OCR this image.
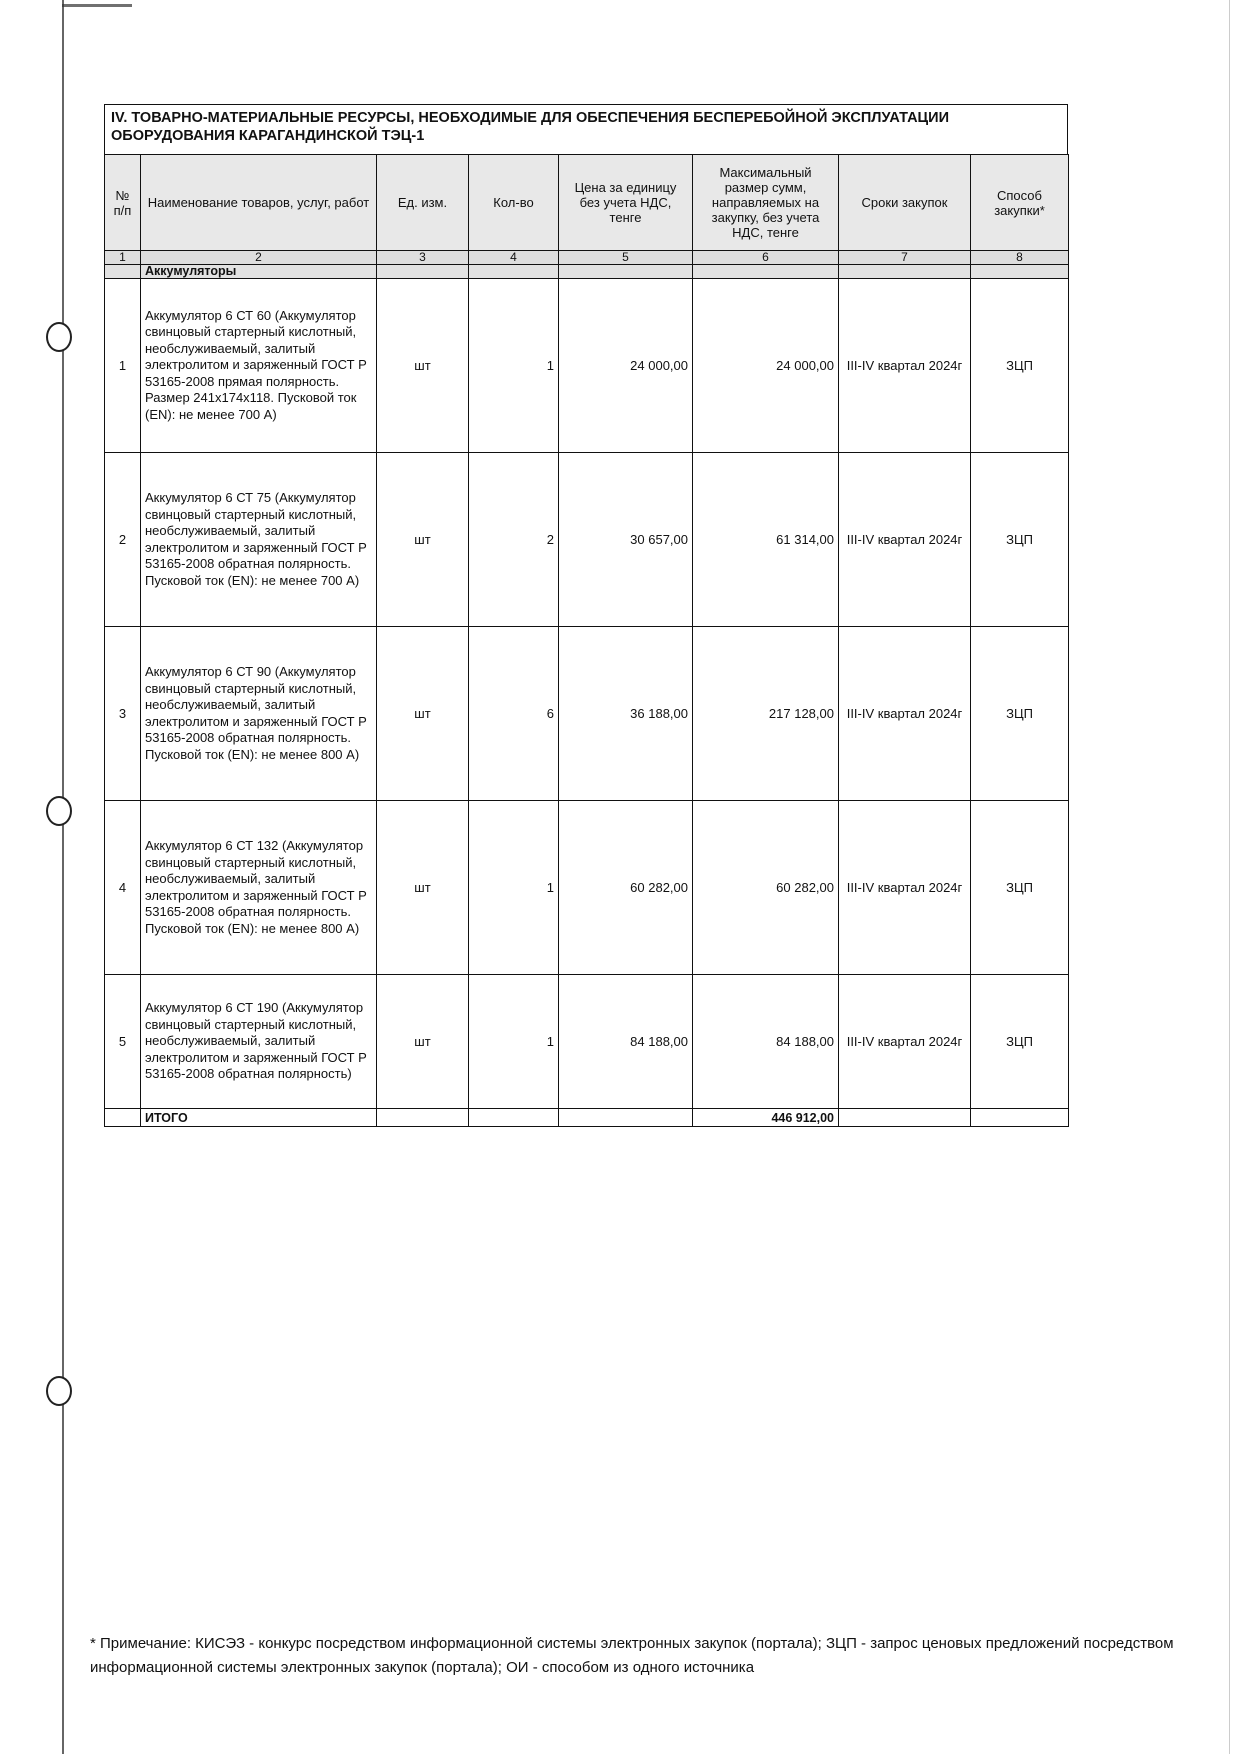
IV. ТОВАРНО-МАТЕРИАЛЬНЫЕ РЕСУРСЫ, НЕОБХОДИМЫЕ ДЛЯ ОБЕСПЕЧЕНИЯ БЕСПЕРЕБОЙНОЙ ЭКСПЛУАТАЦИИ ОБОРУДОВАНИЯ КАРАГАНДИНСКОЙ ТЭЦ-1
№ п/п	Наименование товаров, услуг, работ	Ед. изм.	Кол-во	Цена за единицу без учета НДС, тенге	Максимальный размер сумм, направляемых на закупку, без учета НДС, тенге	Сроки закупок	Способ закупки*
1	2	3	4	5	6	7	8
	Аккумуляторы						
1	Аккумулятор 6 СТ 60 (Аккумулятор свинцовый стартерный кислотный, необслуживаемый, залитый электролитом и заряженный ГОСТ Р 53165-2008 прямая полярность. Размер 241х174х118. Пусковой ток (EN): не менее 700 А)	шт	1	24 000,00	24 000,00	III-IV квартал 2024г	ЗЦП
2	Аккумулятор 6 СТ 75 (Аккумулятор свинцовый стартерный кислотный, необслуживаемый, залитый электролитом и заряженный ГОСТ Р 53165-2008 обратная полярность. Пусковой ток (EN): не менее 700 А)	шт	2	30 657,00	61 314,00	III-IV квартал 2024г	ЗЦП
3	Аккумулятор 6 СТ 90 (Аккумулятор свинцовый стартерный кислотный, необслуживаемый, залитый электролитом и заряженный ГОСТ Р 53165-2008 обратная полярность. Пусковой ток (EN): не менее 800 А)	шт	6	36 188,00	217 128,00	III-IV квартал 2024г	ЗЦП
4	Аккумулятор 6 СТ 132 (Аккумулятор свинцовый стартерный кислотный, необслуживаемый, залитый электролитом и заряженный ГОСТ Р 53165-2008 обратная полярность. Пусковой ток (EN): не менее 800 А)	шт	1	60 282,00	60 282,00	III-IV квартал 2024г	ЗЦП
5	Аккумулятор 6 СТ 190 (Аккумулятор свинцовый стартерный кислотный, необслуживаемый, залитый электролитом и заряженный ГОСТ Р 53165-2008 обратная полярность)	шт	1	84 188,00	84 188,00	III-IV квартал 2024г	ЗЦП
	ИТОГО				446 912,00		
* Примечание: КИСЭЗ - конкурс посредством информационной системы электронных закупок (портала); ЗЦП - запрос ценовых предложений посредством информационной системы электронных закупок (портала); ОИ - способом из одного источника
